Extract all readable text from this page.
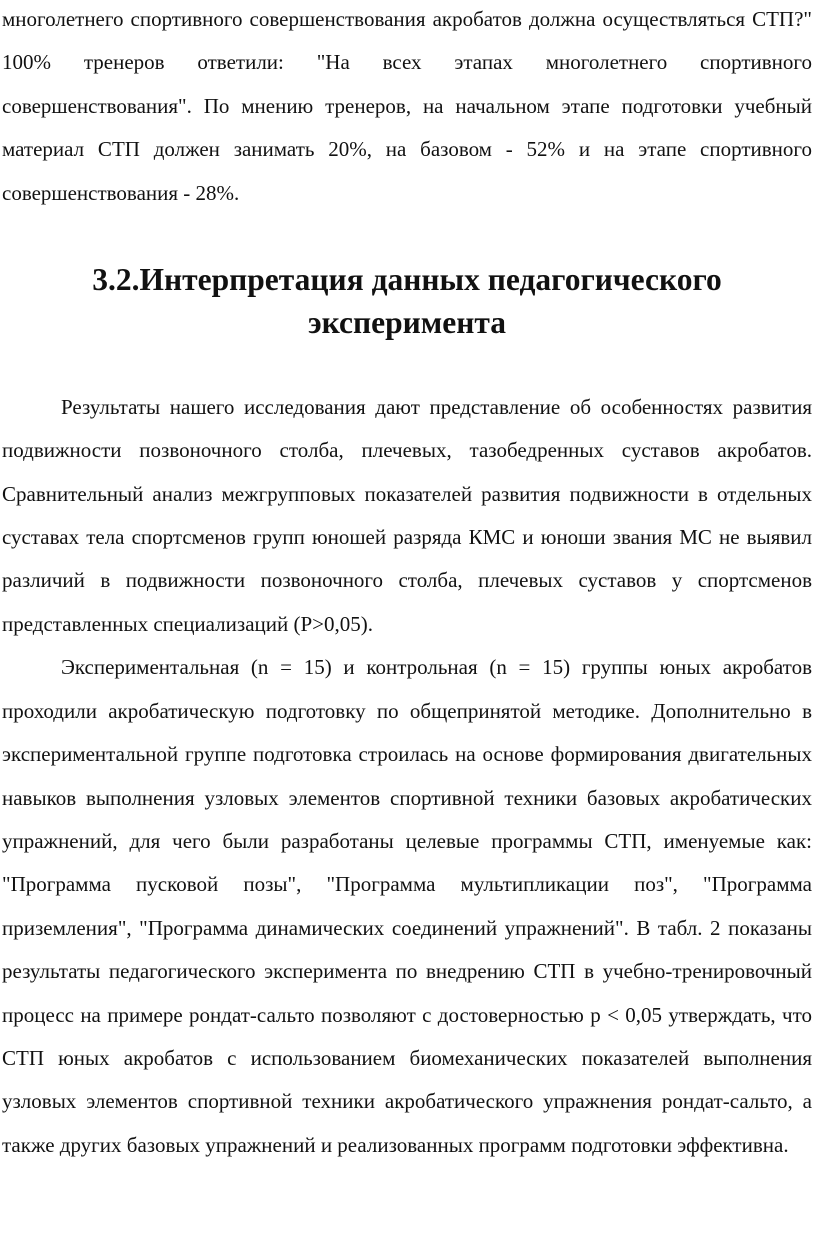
многолетнего спортивного совершенствования акробатов должна осуществляться СТП?" 100% тренеров ответили: "На всех этапах многолетнего спортивного совершенствования". По мнению тренеров, на начальном этапе подготовки учебный материал СТП должен занимать 20%, на базовом - 52% и на этапе спортивного совершенствования - 28%.

3.2.Интерпретация данных педагогического эксперимента

Результаты нашего исследования дают представление об особенностях развития подвижности позвоночного столба, плечевых, тазобедренных суставов акробатов. Сравнительный анализ межгрупповых показателей развития подвижности в отдельных суставах тела спортсменов групп юношей разряда КМС и юноши звания МС не выявил различий в подвижности позвоночного столба, плечевых суставов у спортсменов представленных специализаций (P>0,05).

Экспериментальная (n = 15) и контрольная (n = 15) группы юных акробатов проходили акробатическую подготовку по общепринятой методике. Дополнительно в экспериментальной группе подготовка строилась на основе формирования двигательных навыков выполнения узловых элементов спортивной техники базовых акробатических упражнений, для чего были разработаны целевые программы СТП, именуемые как: "Программа пусковой позы", "Программа мультипликации поз", "Программа приземления", "Программа динамических соединений упражнений". В табл. 2 показаны результаты педагогического эксперимента по внедрению СТП в учебно-тренировочный процесс на примере рондат-сальто позволяют с достоверностью p < 0,05 утверждать, что СТП юных акробатов с использованием биомеханических показателей выполнения узловых элементов спортивной техники акробатического упражнения рондат-сальто, а также других базовых упражнений и реализованных программ подготовки эффективна.
